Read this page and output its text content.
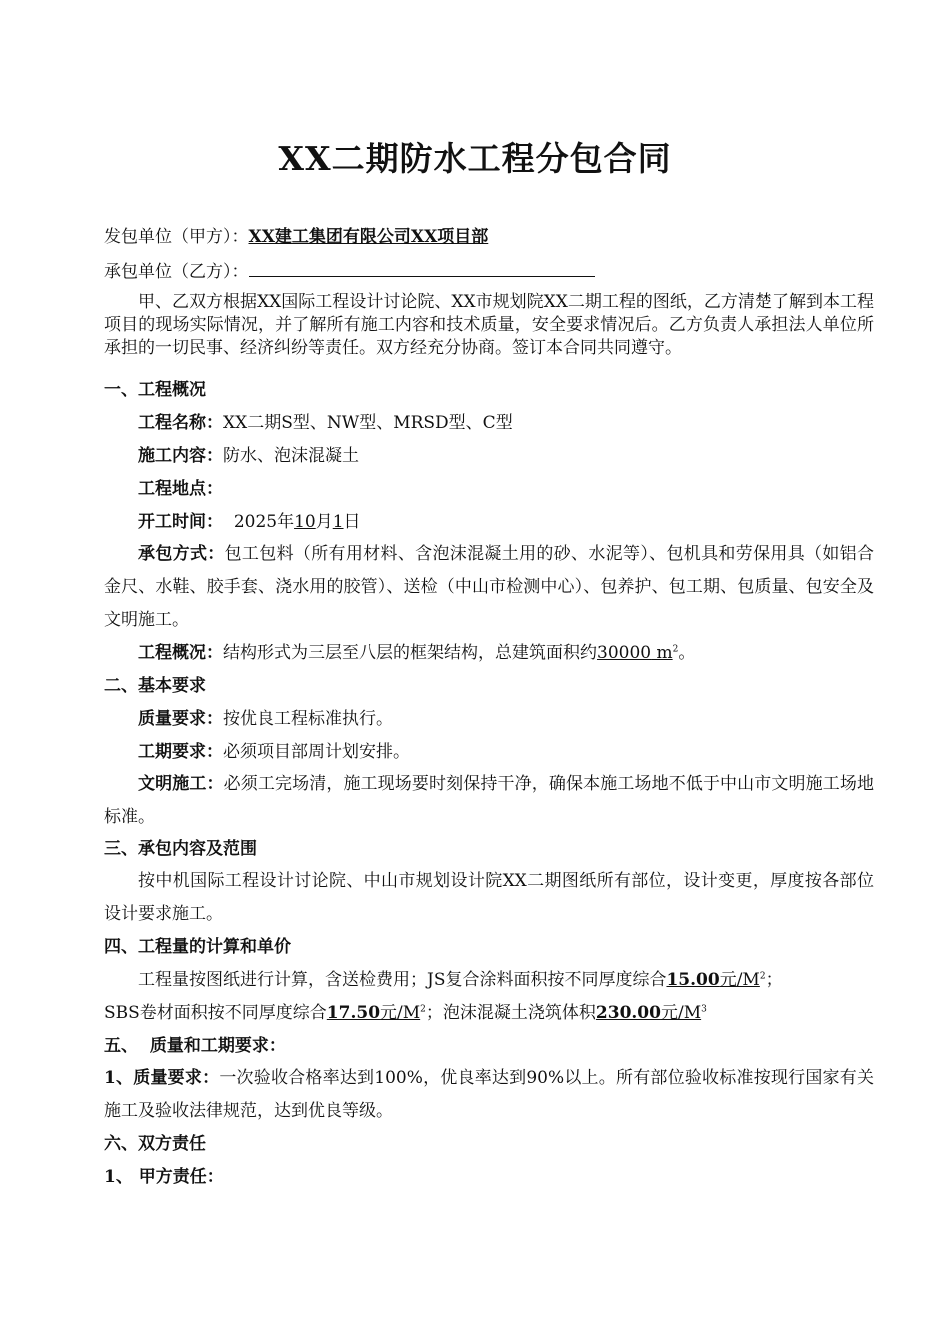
XX二期防水工程分包合同
发包单位（甲方）：XX建工集团有限公司XX项目部
承包单位（乙方）：
甲、乙双方根据XX国际工程设计讨论院、XX市规划院XX二期工程的图纸，乙方清楚了解到本工程项目的现场实际情况，并了解所有施工内容和技术质量，安全要求情况后。乙方负责人承担法人单位所承担的一切民事、经济纠纷等责任。双方经充分协商。签订本合同共同遵守。
一、工程概况
工程名称：XX二期S型、NW型、MRSD型、C型
施工内容：防水、泡沫混凝土
工程地点：
开工时间： 2025年10月1日
承包方式：包工包料（所有用材料、含泡沫混凝土用的砂、水泥等）、包机具和劳保用具（如铝合金尺、水鞋、胶手套、浇水用的胶管）、送检（中山市检测中心）、包养护、包工期、包质量、包安全及文明施工。
工程概况：结构形式为三层至八层的框架结构，总建筑面积约30000 $m^2$。
二、基本要求
质量要求：按优良工程标准执行。
工期要求：必须项目部周计划安排。
文明施工：必须工完场清，施工现场要时刻保持干净，确保本施工场地不低于中山市文明施工场地标准。
三、承包内容及范围
按中机国际工程设计讨论院、中山市规划设计院XX二期图纸所有部位，设计变更，厚度按各部位设计要求施工。
四、工程量的计算和单价
工程量按图纸进行计算，含送检费用；JS复合涂料面积按不同厚度综合15.00元$/M^2$；
SBS卷材面积按不同厚度综合17.50元$/M^2$；泡沫混凝土浇筑体积230.00元$/M^3$
五、  质量和工期要求：
1、质量要求：一次验收合格率达到100%，优良率达到90%以上。所有部位验收标准按现行国家有关施工及验收法律规范，达到优良等级。
六、双方责任
1、 甲方责任：
